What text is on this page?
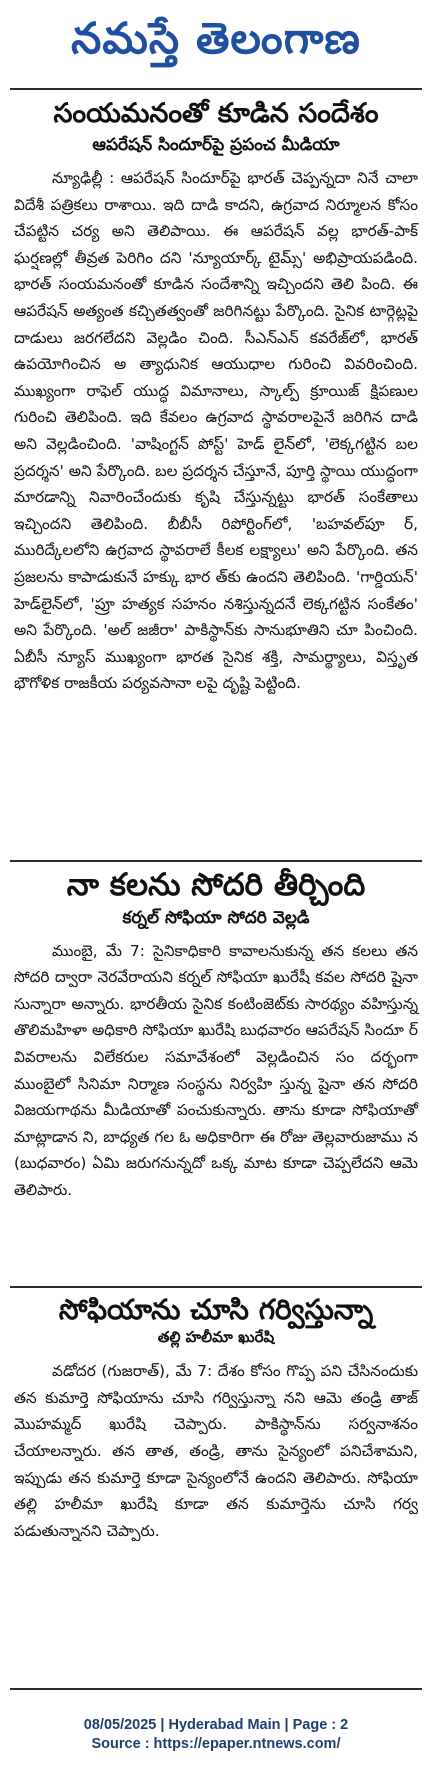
నమస్తే తెలంగాణ
సంయమనంతో కూడిన సందేశం
ఆపరేషన్ సిందూర్‌పై ప్రపంచ మీడియా

న్యూఢిల్లీ : ఆపరేషన్ సిందూర్‌పై భారత్ చెప్పన్నదా నినే చాలా విదేశీ పత్రికలు రాశాయి. ఇది దాడి కాదని, ఉగ్రవాద నిర్మూలన కోసం చేపట్టిన చర్య అని తెలిపాయి. ఈ ఆపరేషన్ వల్ల భారత్-పాక్ ఘర్షణల్లో తీవ్రత పెరిగిం దని 'న్యూయార్క్ టైమ్స్' అభిప్రాయపడింది. భారత్ సంయమనంతో కూడిన సందేశాన్ని ఇచ్చిందని తెలి పింది. ఈ ఆపరేషన్ అత్యంత కచ్చితత్వంతో జరిగినట్టు పేర్కొంది. సైనిక టార్గెట్లపై దాడులు జరగలేదని వెల్లడిం చింది. సీఎన్‌ఎన్ కవరేజ్‌లో, భారత్ ఉపయోగించిన అ త్యాధునిక ఆయుధాల గురించి వివరించింది. ముఖ్యంగా రాఫెల్ యుద్ధ విమానాలు, స్కాల్ప్ క్రూయిజ్ క్షిపణుల గురించి తెలిపింది. ఇది కేవలం ఉగ్రవాద స్థావరాలపైనే జరిగిన దాడి అని వెల్లడించింది. 'వాషింగ్టన్ పోస్ట్' హెడ్ లైన్‌లో, 'లెక్కగట్టిన బల ప్రదర్శన' అని పేర్కొంది. బల ప్రదర్శన చేస్తూనే, పూర్తి స్థాయి యుద్ధంగా మారడాన్ని నివారించేందుకు కృషి చేస్తున్నట్టు భారత్ సంకేతాలు ఇచ్చిందని తెలిపింది. బీబీసీ రిపోర్టింగ్‌లో, 'బహవల్‌పూ ర్, మురిద్కేలలోని ఉగ్రవాద స్థావరాలే కీలక లక్ష్యాలు' అని పేర్కొంది. తన ప్రజలను కాపాడుకునే హక్కు భార త్‌కు ఉందని తెలిపింది. 'గార్డియన్' హెడ్‌లైన్‌లో, 'ప్రూ హత్యక సహనం నశిస్తున్నదనే లెక్కగట్టిన సంకేతం' అని పేర్కొంది. 'అల్ జజీరా' పాకిస్థాన్‌కు సానుభూతిని చూ పించింది. ఏబీసీ న్యూస్ ముఖ్యంగా భారత సైనిక శక్తి, సామర్థ్యాలు, విస్తృత భౌగోళిక రాజకీయ పర్యవసానా లపై దృష్టి పెట్టింది.

నా కలను సోదరి తీర్చింది
కర్నల్ సోఫియా సోదరి వెల్లడి

ముంబై, మే 7: సైనికాధికారి కావాలనుకున్న తన కలలు తన సోదరి ద్వారా నెరవేరాయని కర్నల్ సోఫియా ఖురేషీ కవల సోదరి షైనా సున్నారా అన్నారు. భారతీయ సైనిక కంటింజెట్‌కు సారథ్యం వహిస్తున్న తొలిమహిళా అధికారి సోఫియా ఖురేషి బుధవారం ఆపరేషన్ సిందూ ర్ వివరాలను విలేకరుల సమావేశంలో వెల్లడించిన సం దర్భంగా ముంబైలో సినిమా నిర్మాణ సంస్థను నిర్వహి స్తున్న షైనా తన సోదరి విజయగాథను మీడియాతో పంచుకున్నారు. తాను కూడా సోఫియాతో మాట్లాడాన ని, బాధ్యత గల ఓ అధికారిగా ఈ రోజు తెల్లవారుజాము న (బుధవారం) ఏమి జరుగనున్నదో ఒక్క మాట కూడా చెప్పలేదని ఆమె తెలిపారు.

సోఫియాను చూసి గర్విస్తున్నా
తల్లి హలీమా ఖురేషి

వడోదర (గుజరాత్), మే 7: దేశం కోసం గొప్ప పని చేసినందుకు తన కుమార్తె సోఫియాను చూసి గర్విస్తున్నా నని ఆమె తండ్రి తాజ్ మొహమ్మద్ ఖురేషి చెప్పారు. పాకిస్థాన్‌ను సర్వనాశనం చేయాలన్నారు. తన తాత, తండ్రి, తాను సైన్యంలో పనిచేశామని, ఇప్పుడు తన కుమార్తె కూడా సైన్యంలోనే ఉందని తెలిపారు. సోఫియా తల్లి హలీమా ఖురేషి కూడా తన కుమార్తెను చూసి గర్వ పడుతున్నానని చెప్పారు.

08/05/2025 | Hyderabad Main | Page : 2
Source : https://epaper.ntnews.com/
